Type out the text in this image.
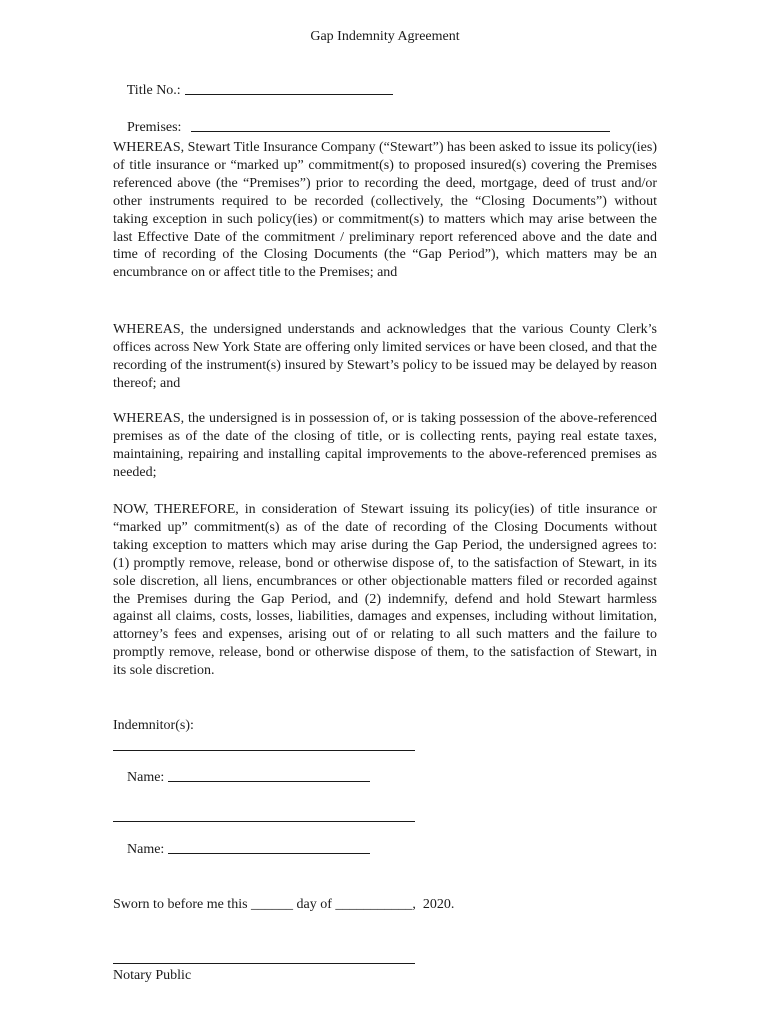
Gap Indemnity Agreement

Title No.:

Premises:

WHEREAS, Stewart Title Insurance Company (“Stewart”) has been asked to issue its policy(ies) of title insurance or “marked up” commitment(s) to proposed insured(s) covering the Premises referenced above (the “Premises”) prior to recording the deed, mortgage, deed of trust and/or other instruments required to be recorded (collectively, the “Closing Documents”) without taking exception in such policy(ies) or commitment(s) to matters which may arise between the last Effective Date of the commitment / preliminary report referenced above and the date and time of recording of the Closing Documents (the “Gap Period”), which matters may be an encumbrance on or affect title to the Premises; and

WHEREAS, the undersigned understands and acknowledges that the various County Clerk’s offices across New York State are offering only limited services or have been closed, and that the recording of the instrument(s) insured by Stewart’s policy to be issued may be delayed by reason thereof; and

WHEREAS, the undersigned is in possession of, or is taking possession of the above-referenced premises as of the date of the closing of title, or is collecting rents, paying real estate taxes, maintaining, repairing and installing capital improvements to the above-referenced premises as needed;

NOW, THEREFORE, in consideration of Stewart issuing its policy(ies) of title insurance or “marked up” commitment(s) as of the date of recording of the Closing Documents without taking exception to matters which may arise during the Gap Period, the undersigned agrees to: (1) promptly remove, release, bond or otherwise dispose of, to the satisfaction of Stewart, in its sole discretion, all liens, encumbrances or other objectionable matters filed or recorded against the Premises during the Gap Period, and (2) indemnify, defend and hold Stewart harmless against all claims, costs, losses, liabilities, damages and expenses, including without limitation, attorney’s fees and expenses, arising out of or relating to all such matters and the failure to promptly remove, release, bond or otherwise dispose of them, to the satisfaction of Stewart, in its sole discretion.

Indemnitor(s):

Name:

Name:

Sworn to before me this ______ day of ___________,  2020.
Notary Public
